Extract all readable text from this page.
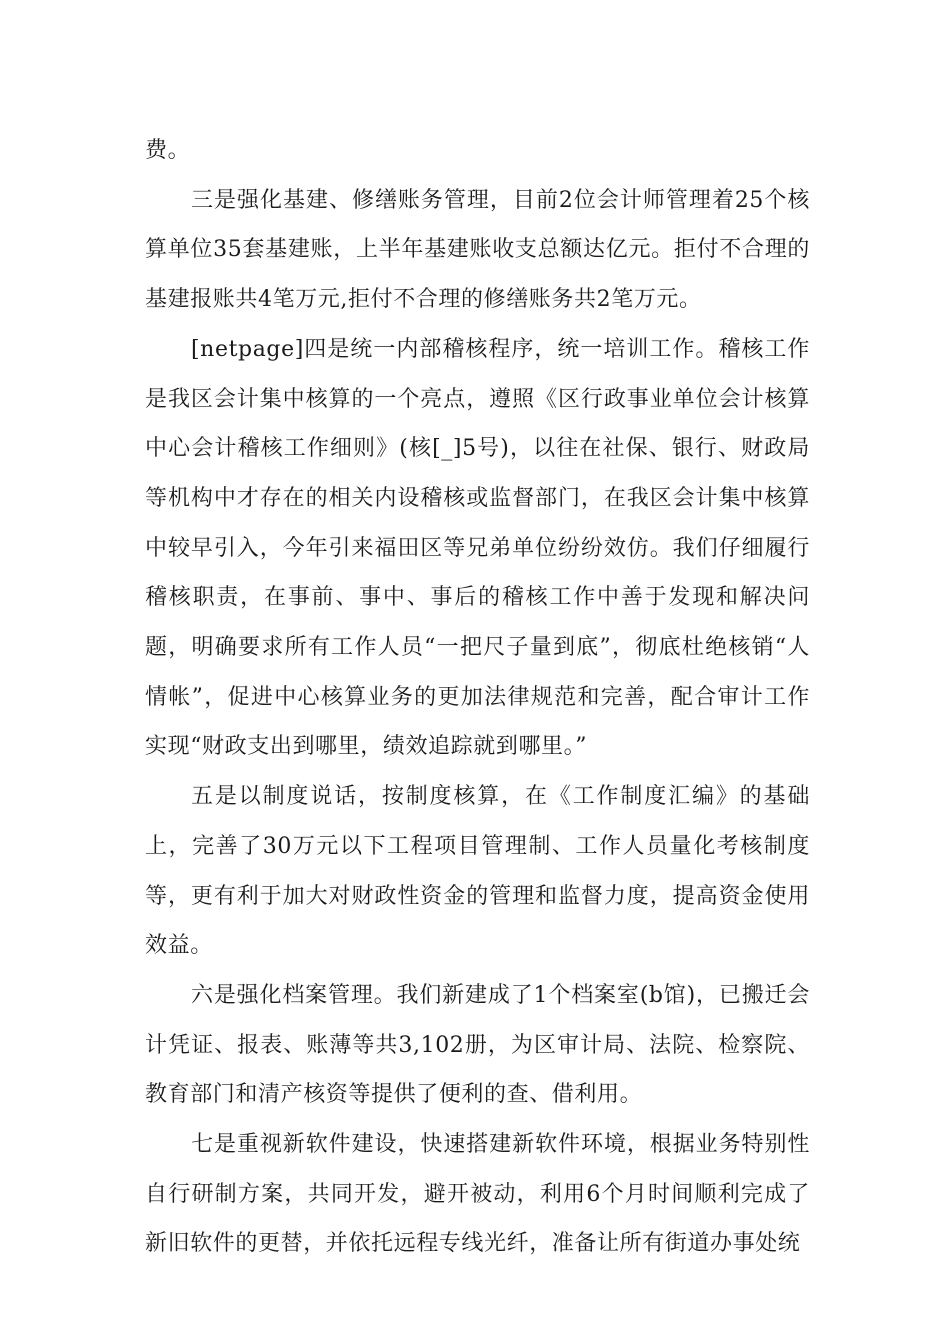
费。

三是强化基建、修缮账务管理，目前2位会计师管理着25个核算单位35套基建账，上半年基建账收支总额达亿元。拒付不合理的基建报账共4笔万元,拒付不合理的修缮账务共2笔万元。

[netpage]四是统一内部稽核程序，统一培训工作。稽核工作是我区会计集中核算的一个亮点，遵照《区行政事业单位会计核算中心会计稽核工作细则》(核[_]5号)，以往在社保、银行、财政局等机构中才存在的相关内设稽核或监督部门，在我区会计集中核算中较早引入，今年引来福田区等兄弟单位纷纷效仿。我们仔细履行稽核职责，在事前、事中、事后的稽核工作中善于发现和解决问题，明确要求所有工作人员“一把尺子量到底”，彻底杜绝核销“人情帐”，促进中心核算业务的更加法律规范和完善，配合审计工作实现“财政支出到哪里，绩效追踪就到哪里。”

五是以制度说话，按制度核算，在《工作制度汇编》的基础上，完善了30万元以下工程项目管理制、工作人员量化考核制度等，更有利于加大对财政性资金的管理和监督力度，提高资金使用效益。

六是强化档案管理。我们新建成了1个档案室(b馆)，已搬迁会计凭证、报表、账薄等共3,102册，为区审计局、法院、检察院、教育部门和清产核资等提供了便利的查、借利用。

七是重视新软件建设，快速搭建新软件环境，根据业务特别性自行研制方案，共同开发，避开被动，利用6个月时间顺利完成了新旧软件的更替，并依托远程专线光纤，准备让所有街道办事处统
